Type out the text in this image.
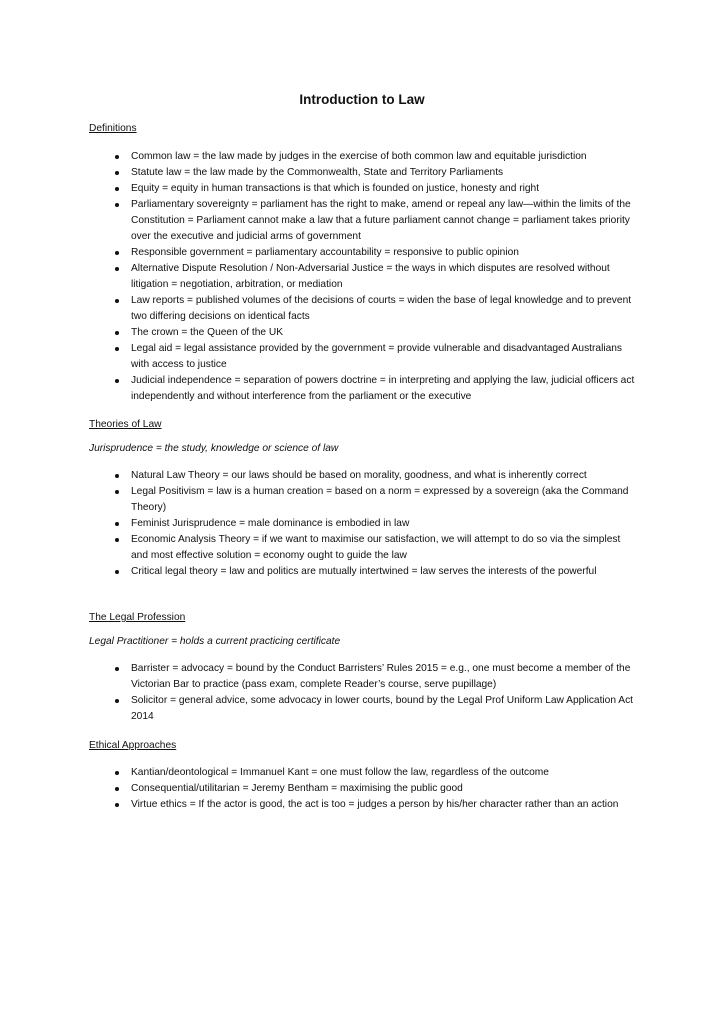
Introduction to Law

Definitions

Common law = the law made by judges in the exercise of both common law and equitable jurisdiction
Statute law = the law made by the Commonwealth, State and Territory Parliaments
Equity = equity in human transactions is that which is founded on justice, honesty and right
Parliamentary sovereignty = parliament has the right to make, amend or repeal any law—within the limits of the Constitution = Parliament cannot make a law that a future parliament cannot change = parliament takes priority over the executive and judicial arms of government
Responsible government = parliamentary accountability = responsive to public opinion
Alternative Dispute Resolution / Non-Adversarial Justice = the ways in which disputes are resolved without litigation = negotiation, arbitration, or mediation
Law reports = published volumes of the decisions of courts = widen the base of legal knowledge and to prevent two differing decisions on identical facts
The crown = the Queen of the UK
Legal aid = legal assistance provided by the government = provide vulnerable and disadvantaged Australians with access to justice
Judicial independence = separation of powers doctrine = in interpreting and applying the law, judicial officers act independently and without interference from the parliament or the executive

Theories of Law

Jurisprudence = the study, knowledge or science of law

Natural Law Theory = our laws should be based on morality, goodness, and what is inherently correct
Legal Positivism = law is a human creation = based on a norm = expressed by a sovereign (aka the Command Theory)
Feminist Jurisprudence = male dominance is embodied in law
Economic Analysis Theory = if we want to maximise our satisfaction, we will attempt to do so via the simplest and most effective solution = economy ought to guide the law
Critical legal theory = law and politics are mutually intertwined = law serves the interests of the powerful

The Legal Profession

Legal Practitioner = holds a current practicing certificate

Barrister = advocacy = bound by the Conduct Barristers’ Rules 2015 = e.g., one must become a member of the Victorian Bar to practice (pass exam, complete Reader’s course, serve pupillage)
Solicitor = general advice, some advocacy in lower courts, bound by the Legal Prof Uniform Law Application Act 2014

Ethical Approaches

Kantian/deontological = Immanuel Kant = one must follow the law, regardless of the outcome
Consequential/utilitarian = Jeremy Bentham = maximising the public good
Virtue ethics = If the actor is good, the act is too = judges a person by his/her character rather than an action
